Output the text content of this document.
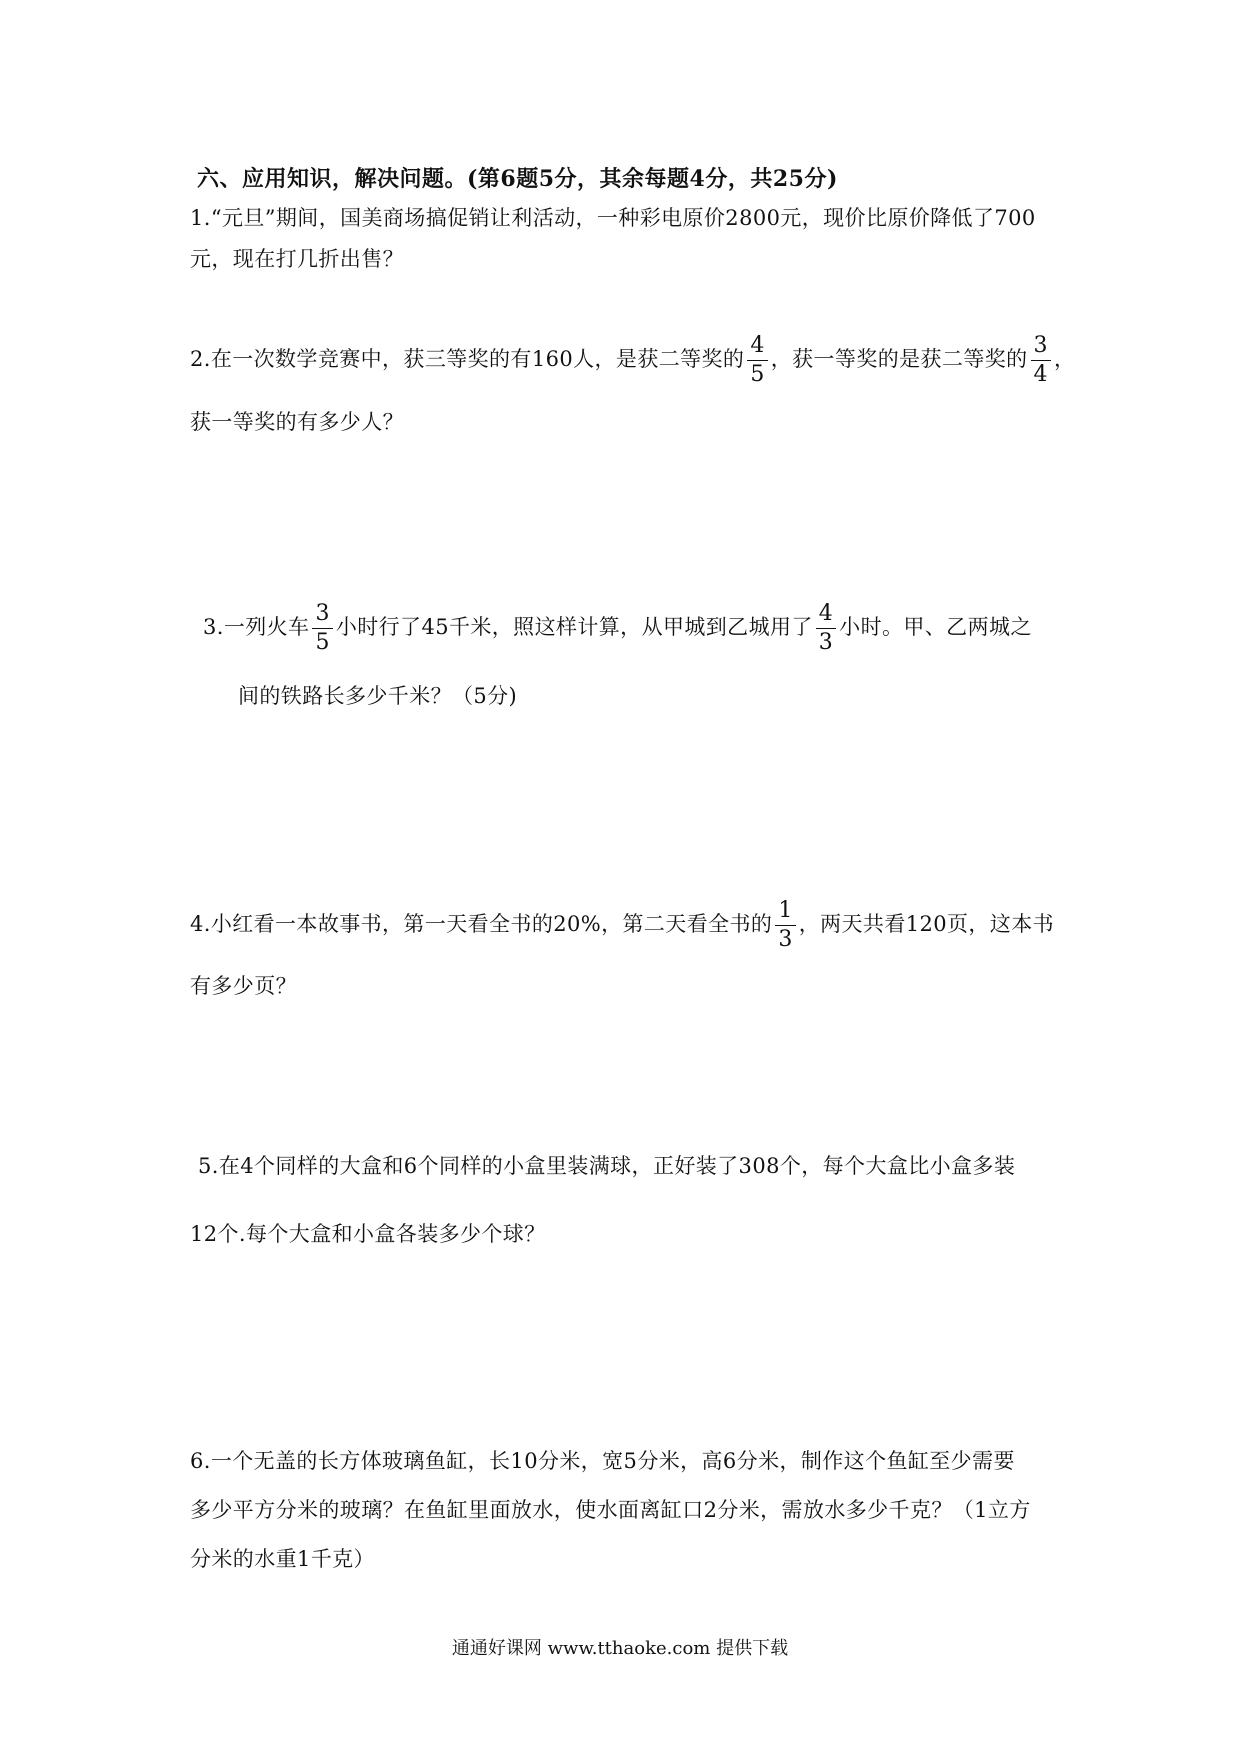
六、应用知识，解决问题。(第6题5分，其余每题4分，共25分)
1.“元旦”期间，国美商场搞促销让利活动，一种彩电原价2800元，现价比原价降低了700
元，现在打几折出售？
2.在一次数学竞赛中，获三等奖的有160人，是获二等奖的 $\frac{4}{5}$ ，获一等奖的是获二等奖的 $\frac{3}{4}$ ，
获一等奖的有多少人？
3.一列火车 $\frac{3}{5}$ 小时行了45千米，照这样计算，从甲城到乙城用了 $\frac{4}{3}$ 小时。甲、乙两城之
间的铁路长多少千米？（5分)
4.小红看一本故事书，第一天看全书的20%，第二天看全书的 $\frac{1}{3}$ ，两天共看120页，这本书
有多少页？
5.在4个同样的大盒和6个同样的小盒里装满球，正好装了308个，每个大盒比小盒多装
12个.每个大盒和小盒各装多少个球？
6.一个无盖的长方体玻璃鱼缸，长10分米，宽5分米，高6分米，制作这个鱼缸至少需要
多少平方分米的玻璃？在鱼缸里面放水，使水面离缸口2分米，需放水多少千克？（1立方
分米的水重1千克）
通通好课网 www.tthaoke.com 提供下载
